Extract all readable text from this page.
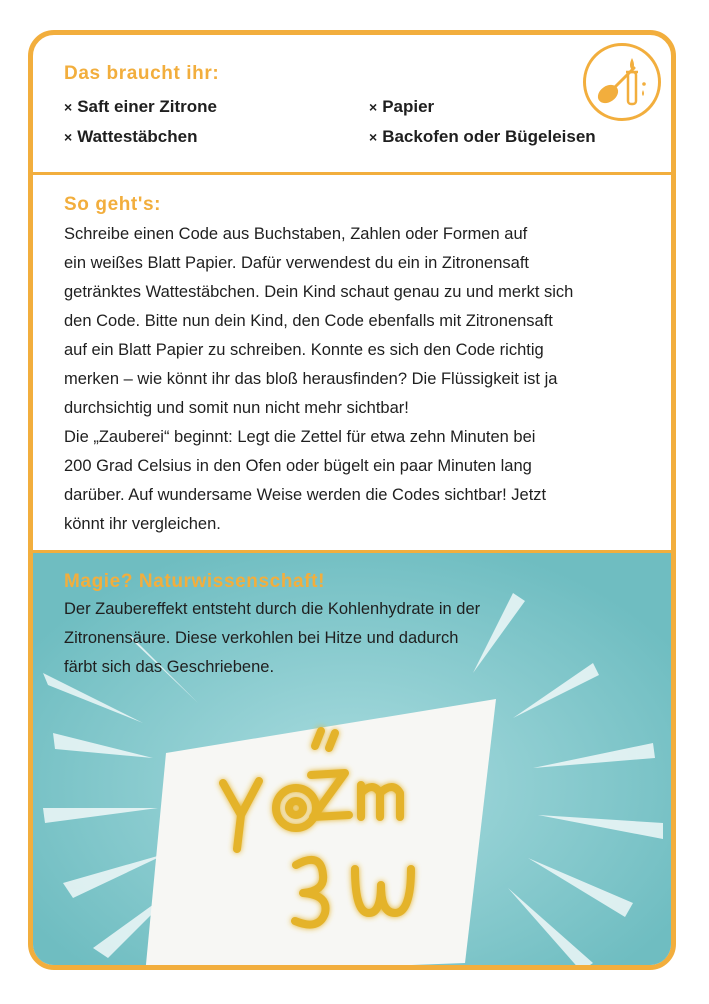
Das braucht ihr:
× Saft einer Zitrone	× Papier
× Wattestäbchen	× Backofen oder Bügeleisen
So geht's:

Schreibe einen Code aus Buchstaben, Zahlen oder Formen auf
ein weißes Blatt Papier. Dafür verwendest du ein in Zitronensaft
getränktes Wattestäbchen. Dein Kind schaut genau zu und merkt sich
den Code. Bitte nun dein Kind, den Code ebenfalls mit Zitronensaft
auf ein Blatt Papier zu schreiben. Konnte es sich den Code richtig
merken – wie könnt ihr das bloß herausfinden? Die Flüssigkeit ist ja
durchsichtig und somit nun nicht mehr sichtbar!
Die „Zauberei“ beginnt: Legt die Zettel für etwa zehn Minuten bei
200 Grad Celsius in den Ofen oder bügelt ein paar Minuten lang
darüber. Auf wundersame Weise werden die Codes sichtbar! Jetzt
könnt ihr vergleichen.

Magie? Naturwissenschaft!

Der Zaubereffekt entsteht durch die Kohlenhydrate in der
Zitronensäure. Diese verkohlen bei Hitze und dadurch
färbt sich das Geschriebene.
